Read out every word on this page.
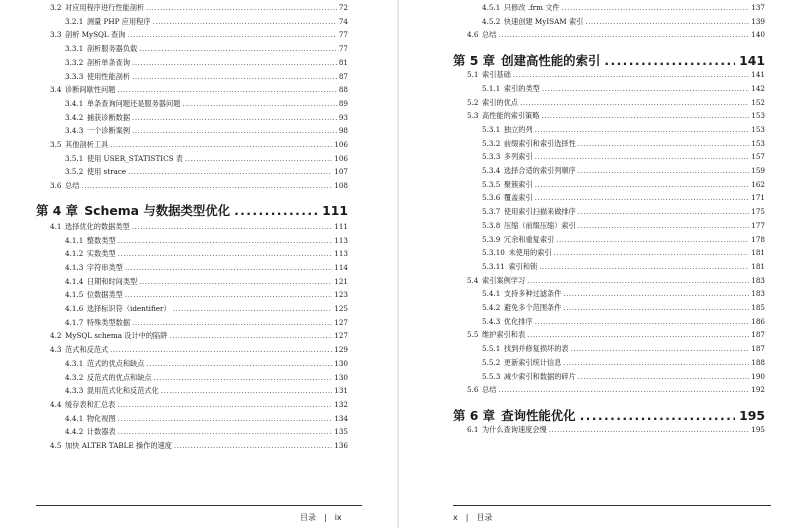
3.2  对应用程序进行性能剖析 .....	72
3.2.1  测量 PHP 应用程序 .....	74
3.3  剖析 MySQL 查询 .....	77
3.3.1  剖析服务器负载 .....	77
3.3.2  剖析单条查询 .....	81
3.3.3  使用性能剖析 .....	87
3.4  诊断间歇性问题 .....	88
3.4.1  单条查询问题还是服务器问题 .....	89
3.4.2  捕获诊断数据 .....	93
3.4.3  一个诊断案例 .....	98
3.5  其他剖析工具 .....	106
3.5.1  使用 USER_STATISTICS 表 .....	106
3.5.2  使用 strace .....	107
3.6  总结 .....	108
第 4 章  Schema 与数据类型优化 .....	111
4.1  选择优化的数据类型 .....	111
4.1.1  整数类型 .....	113
4.1.2  实数类型 .....	113
4.1.3  字符串类型 .....	114
4.1.4  日期和时间类型 .....	121
4.1.5  位数据类型 .....	123
4.1.6  选择标识符（identifier） .....	125
4.1.7  特殊类型数据 .....	127
4.2  MySQL schema 设计中的陷阱 .....	127
4.3  范式和反范式 .....	129
4.3.1  范式的优点和缺点 .....	130
4.3.2  反范式的优点和缺点 .....	130
4.3.3  混用范式化和反范式化 .....	131
4.4  缓存表和汇总表 .....	132
4.4.1  物化视图 .....	134
4.4.2  计数器表 .....	135
4.5  加快 ALTER TABLE 操作的速度 .....	136
目录 | ix
4.5.1  只修改 .frm 文件 .....	137
4.5.2  快速创建 MyISAM 索引 .....	139
4.6  总结 .....	140
第 5 章  创建高性能的索引 .....	141
5.1  索引基础 .....	141
5.1.1  索引的类型 .....	142
5.2  索引的优点 .....	152
5.3  高性能的索引策略 .....	153
5.3.1  独立的列 .....	153
5.3.2  前缀索引和索引选择性 .....	153
5.3.3  多列索引 .....	157
5.3.4  选择合适的索引列顺序 .....	159
5.3.5  聚簇索引 .....	162
5.3.6  覆盖索引 .....	171
5.3.7  使用索引扫描来做排序 .....	175
5.3.8  压缩（前缀压缩）索引 .....	177
5.3.9  冗余和重复索引 .....	178
5.3.10  未使用的索引 .....	181
5.3.11  索引和锁 .....	181
5.4  索引案例学习 .....	183
5.4.1  支持多种过滤条件 .....	183
5.4.2  避免多个范围条件 .....	185
5.4.3  优化排序 .....	186
5.5  维护索引和表 .....	187
5.5.1  找到并修复损坏的表 .....	187
5.5.2  更新索引统计信息 .....	188
5.5.3  减少索引和数据的碎片 .....	190
5.6  总结 .....	192
第 6 章  查询性能优化 .....	195
6.1  为什么查询速度会慢 .....	195
x | 目录
